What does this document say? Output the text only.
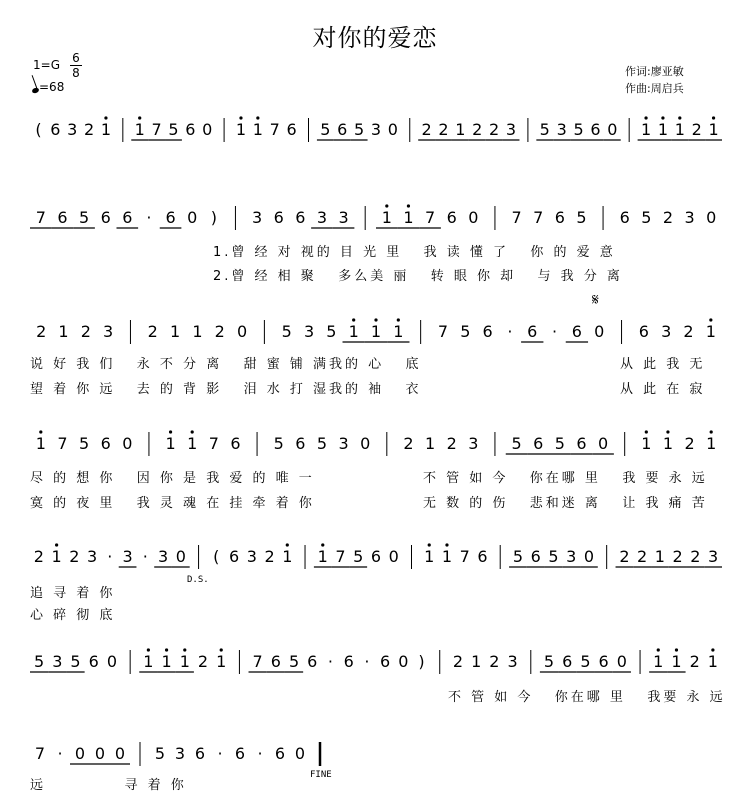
对你的爱恋
1=G 6
8
=68
作词:廖亚敏
作曲:周启兵
( 6 3 2 1 1 7 5 6 0 1 1 7 6 5 6 5 3 0 2 2 1 2 2 3 5 3 5 6 0 1 1 1 2 1
7 6 5 6 6 · 6 0 ) 3 6 6 3 3 1 1 7 6 0 7 7 6 5 6 5 2 3 0
2 1 2 3 2 1 1 2 0 5 3 5 1 1 1 7 5 6 · 6 · 6 0 6 3 2 1
1 7 5 6 0 1 1 7 6 5 6 5 3 0 2 1 2 3 5 6 5 6 0 1 1 2 1
2 1 2 3 · 3 · 3 0 ( 6 3 2 1 1 7 5 6 0 1 1 7 6 5 6 5 3 0 2 2 1 2 2 3
5 3 5 6 0 1 1 1 2 1 7 6 5 6 · 6 · 6 0 ) 2 1 2 3 5 6 5 6 0 1 1 2 1
7 · 0 0 0 5 3 6 · 6 · 6 0
𝄋
1.曾 经 对 视的 目 光 里   我 读 懂 了   你 的 爱 意
2.曾 经 相 聚   多么美 丽   转 眼 你 却   与 我 分 离
说 好 我 们   永 不 分 离   甜 蜜 铺 满我的 心   底	从 此 我 无
望 着 你 远   去 的 背 影   泪 水 打 湿我的 袖   衣	从 此 在 寂
尽 的 想 你   因 你 是 我 爱 的 唯 一	不 管 如 今   你在哪 里   我 要 永 远
寞 的 夜 里   我 灵 魂 在 挂 牵 着 你	无 数 的 伤   悲和迷 离   让 我 痛 苦
D.S.
追 寻 着 你
心 碎 彻 底
不 管 如 今   你在哪 里   我要 永 远
FINE
远           寻 着 你
